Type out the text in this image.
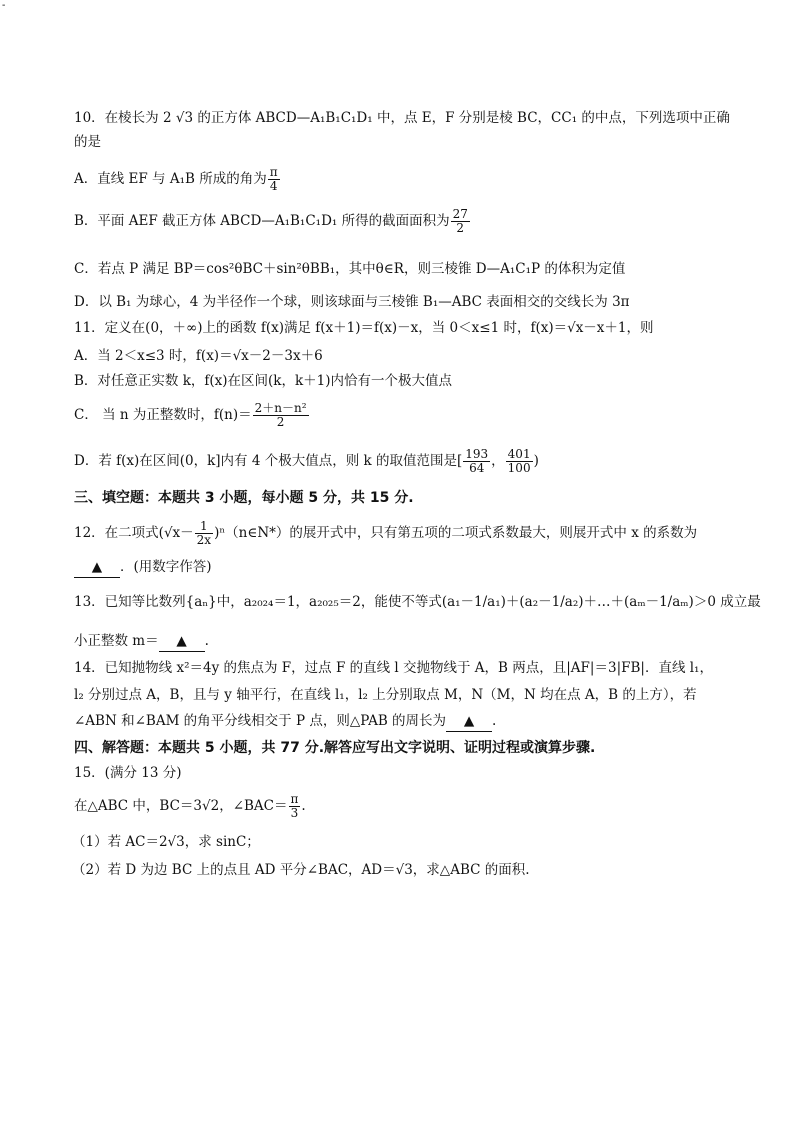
-
10．在棱长为 2 √3 的正方体 ABCD—A₁B₁C₁D₁ 中，点 E，F 分别是棱 BC，CC₁ 的中点，下列选项中正确的是
A．直线 EF 与 A₁B 所成的角为 $\frac{\pi}{4}$
B．平面 AEF 截正方体 ABCD—A₁B₁C₁D₁ 所得的截面面积为 $\frac{27}{2}$
C．若点 P 满足 BP＝cos²θBC＋sin²θBB₁，其中θ∈R，则三棱锥 D—A₁C₁P 的体积为定值
D．以 B₁ 为球心，4 为半径作一个球，则该球面与三棱锥 B₁—ABC 表面相交的交线长为 3π
11．定义在(0，＋∞)上的函数 f(x)满足 f(x＋1)＝f(x)－x，当 0＜x≤1 时，f(x)＝√x－x＋1，则
A．当 2＜x≤3 时，f(x)＝√x－2－3x＋6
B．对任意正实数 k，f(x)在区间(k，k＋1)内恰有一个极大值点
C． 当 n 为正整数时，$f(n)= \frac{\text{2＋n－n²}}{2}$
D．若 f(x)在区间(0，k]内有 4 个极大值点，则 k 的取值范围是[ $\frac{193}{64}$ ， $\frac{401}{100}$ )
三、填空题：本题共 3 小题，每小题 5 分，共 15 分.
12．在二项式($√x- \frac{1}{2x}$ )ⁿ（n∈N*）的展开式中，只有第五项的二项式系数最大，则展开式中 x 的系数为
▲ ．(用数字作答)
13．已知等比数列{aₙ}中，a₂₀₂₄＝1，a₂₀₂₅＝2，能使不等式(a₁－1/a₁)＋(a₂－1/a₂)＋…＋(aₘ－1/aₘ)＞0 成立最
小正整数 m＝ ▲ .
14．已知抛物线 x²＝4y 的焦点为 F，过点 F 的直线 l 交抛物线于 A，B 两点，且|AF|＝3|FB|．直线 l₁，
l₂ 分别过点 A，B，且与 y 轴平行，在直线 l₁，l₂ 上分别取点 M，N（M，N 均在点 A，B 的上方），若
∠ABN 和∠BAM 的角平分线相交于 P 点，则△PAB 的周长为 ▲ .
四、解答题：本题共 5 小题，共 77 分.解答应写出文字说明、证明过程或演算步骤.
15．(满分 13 分)
在△ABC 中，BC＝3√2，∠BAC＝ $\frac{\pi}{3}$ .
（1）若 AC＝2√3，求 sinC；
（2）若 D 为边 BC 上的点且 AD 平分∠BAC，AD＝√3，求△ABC 的面积.
